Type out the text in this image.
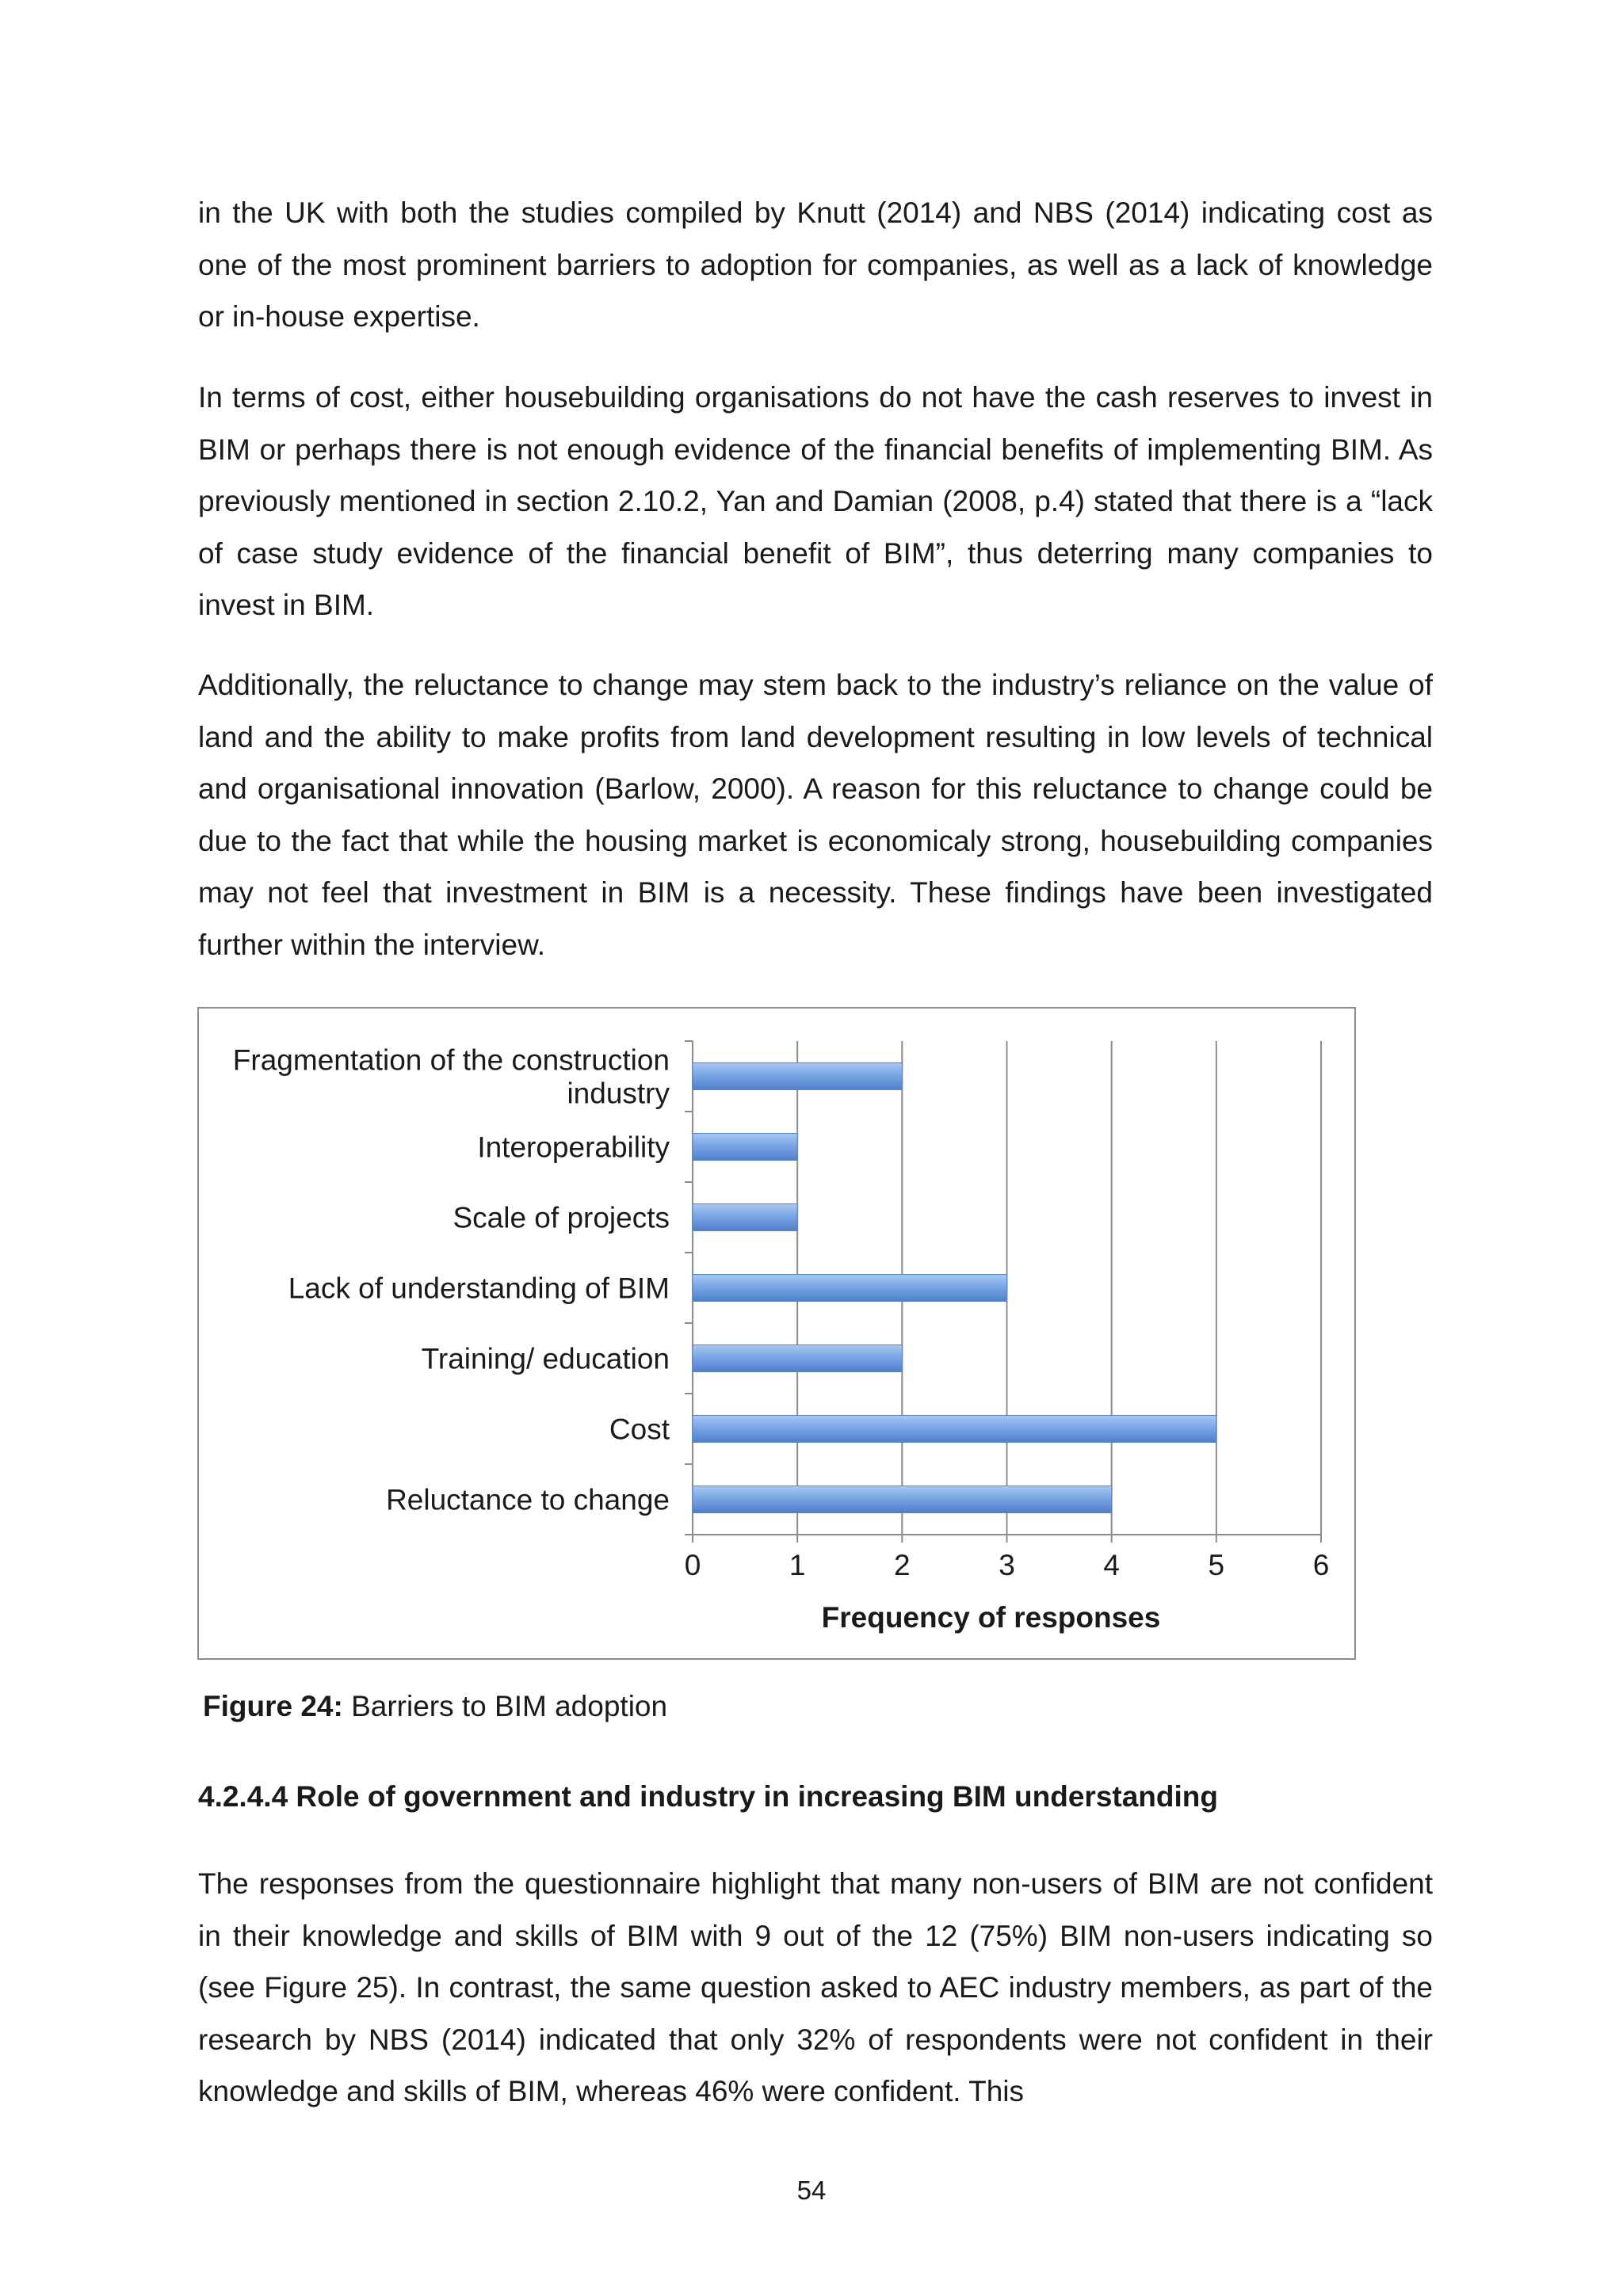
in the UK with both the studies compiled by Knutt (2014) and NBS (2014) indicating cost as one of the most prominent barriers to adoption for companies, as well as a lack of knowledge or in-house expertise.

In terms of cost, either housebuilding organisations do not have the cash reserves to invest in BIM or perhaps there is not enough evidence of the financial benefits of implementing BIM. As previously mentioned in section 2.10.2, Yan and Damian (2008, p.4) stated that there is a “lack of case study evidence of the financial benefit of BIM”, thus deterring many companies to invest in BIM.

Additionally, the reluctance to change may stem back to the industry’s reliance on the value of land and the ability to make profits from land development resulting in low levels of technical and organisational innovation (Barlow, 2000). A reason for this reluctance to change could be due to the fact that while the housing market is economicaly strong, housebuilding companies may not feel that investment in BIM is a necessity. These findings have been investigated further within the interview.

0	1	2	3	4	5	6
Fragmentation of the construction
industry
Interoperability
Scale of projects
Lack of understanding of BIM
Training/ education
Cost
Reluctance to change
Frequency of responses

Figure 24: Barriers to BIM adoption

4.2.4.4 Role of government and industry in increasing BIM understanding

The responses from the questionnaire highlight that many non-users of BIM are not confident in their knowledge and skills of BIM with 9 out of the 12 (75%) BIM non-users indicating so (see Figure 25). In contrast, the same question asked to AEC industry members, as part of the research by NBS (2014) indicated that only 32% of respondents were not confident in their knowledge and skills of BIM, whereas 46% were confident. This

54
